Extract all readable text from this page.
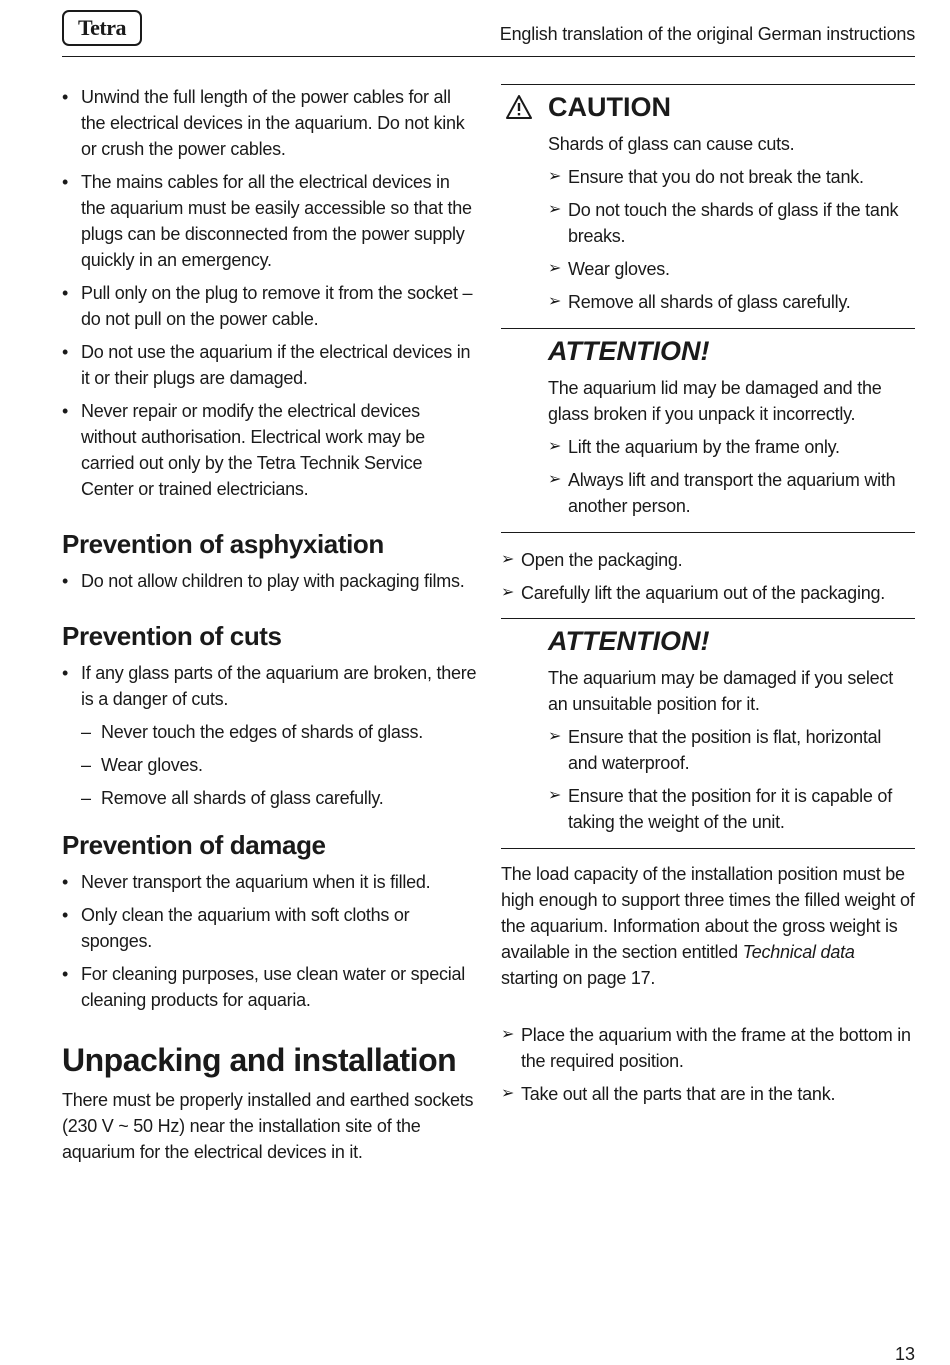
Tetra	English translation of the original German instructions
• Unwind the full length of the power cables for all the electrical devices in the aquarium. Do not kink or crush the power cables.
• The mains cables for all the electrical devices in the aquarium must be easily accessible so that the plugs can be disconnected from the power supply quickly in an emergency.
• Pull only on the plug to remove it from the socket – do not pull on the power cable.
• Do not use the aquarium if the electrical devices in it or their plugs are damaged.
• Never repair or modify the electrical devices without authorisation. Electrical work may be carried out only by the Tetra Technik Service Center or trained electricians.
Prevention of asphyxiation
• Do not allow children to play with packaging films.
Prevention of cuts
• If any glass parts of the aquarium are broken, there is a danger of cuts.
– Never touch the edges of shards of glass.
– Wear gloves.
– Remove all shards of glass carefully.
Prevention of damage
• Never transport the aquarium when it is filled.
• Only clean the aquarium with soft cloths or sponges.
• For cleaning purposes, use clean water or special cleaning products for aquaria.
Unpacking and installation

There must be properly installed and earthed sockets (230 V ~ 50 Hz) near the installation site of the aquarium for the electrical devices in it.

CAUTION

Shards of glass can cause cuts.

➢ Ensure that you do not break the tank.
➢ Do not touch the shards of glass if the tank breaks.
➢ Wear gloves.
➢ Remove all shards of glass carefully.
ATTENTION!

The aquarium lid may be damaged and the glass broken if you unpack it incorrectly.

➢ Lift the aquarium by the frame only.
➢ Always lift and transport the aquarium with another person.
➢ Open the packaging.
➢ Carefully lift the aquarium out of the packaging.
ATTENTION!

The aquarium may be damaged if you select an unsuitable position for it.

➢ Ensure that the position is flat, horizontal and waterproof.
➢ Ensure that the position for it is capable of taking the weight of the unit.

The load capacity of the installation position must be high enough to support three times the filled weight of the aquarium. Information about the gross weight is available in the section entitled Technical data starting on page 17.

➢ Place the aquarium with the frame at the bottom in the required position.
➢ Take out all the parts that are in the tank.
13
